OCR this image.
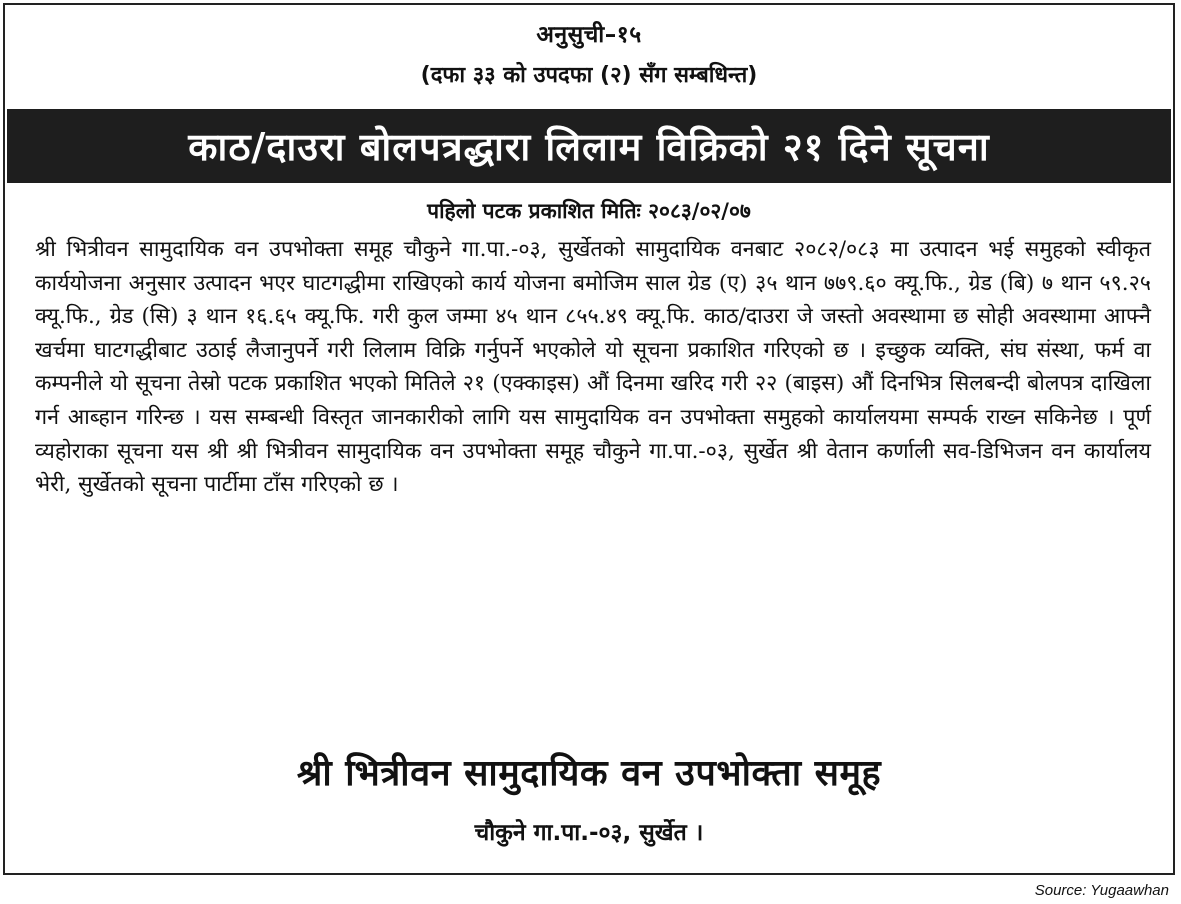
अनुसुची–१५
(दफा ३३ को उपदफा (२) सँग सम्बधिन्त)
काठ/दाउरा बोलपत्रद्धारा लिलाम विक्रिको २१ दिने सूचना
पहिलो पटक प्रकाशित मितिः २०८३/०२/०७
श्री भित्रीवन सामुदायिक वन उपभोक्ता समूह चौकुने गा.पा.-०३, सुर्खेतको सामुदायिक वनबाट २०८२/०८३ मा उत्पादन भई समुहको स्वीकृत कार्ययोजना अनुसार उत्पादन भएर घाटगद्धीमा राखिएको कार्य योजना बमोजिम साल ग्रेड (ए) ३५ थान ७७९.६० क्यू.फि., ग्रेड (बि) ७ थान ५९.२५ क्यू.फि., ग्रेड (सि) ३ थान १६.६५ क्यू.फि. गरी कुल जम्मा ४५ थान ८५५.४९ क्यू.फि. काठ/दाउरा जे जस्तो अवस्थामा छ सोही अवस्थामा आफ्नै खर्चमा घाटगद्धीबाट उठाई लैजानुपर्ने गरी लिलाम विक्रि गर्नुपर्ने भएकोले यो सूचना प्रकाशित गरिएको छ । इच्छुक व्यक्ति, संघ संस्था, फर्म वा कम्पनीले यो सूचना तेस्रो पटक प्रकाशित भएको मितिले २१ (एक्काइस) औं दिनमा खरिद गरी २२ (बाइस) औं दिनभित्र सिलबन्दी बोलपत्र दाखिला गर्न आब्हान गरिन्छ । यस सम्बन्धी विस्तृत जानकारीको लागि यस सामुदायिक वन उपभोक्ता समुहको कार्यालयमा सम्पर्क राख्न सकिनेछ । पूर्ण व्यहोराका सूचना यस श्री श्री भित्रीवन सामुदायिक वन उपभोक्ता समूह चौकुने गा.पा.-०३, सुर्खेत श्री वेतान कर्णाली सव-डिभिजन वन कार्यालय भेरी, सुर्खेतको सूचना पार्टीमा टाँस गरिएको छ ।
श्री भित्रीवन सामुदायिक वन उपभोक्ता समूह
चौकुने गा.पा.-०३, सुर्खेत ।
Source: Yugaawhan
